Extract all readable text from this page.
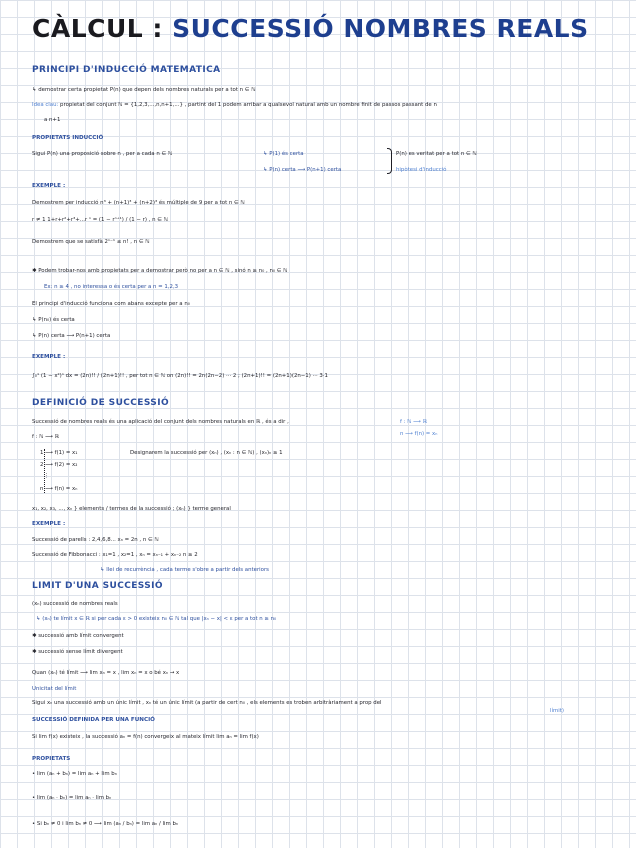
CÀLCUL : SUCCESSIÓ NOMBRES REALS
PRINCIPI D'INDUCCIÓ MATEMATICA
↳ demostrar certa propietat P(n) que depen dels nombres naturals per a tot n ∈ ℕ
Idea clau: propietat del conjunt ℕ = {1,2,3,...,n,n+1,...} , partint del 1 podem arribar a qualsevol natural amb un nombre finit de passos passant de n
a n+1
PROPIETATS INDUCCIÓ
Sigui P(n) una proposició sobre n , per a cada n ∈ ℕ	↳ P(1) és certa	P(n) es veritat per a tot n ∈ ℕ
↳ P(n) certa ⟶ P(n+1) certa	hipòtesi d'inducció
EXEMPLE :
Demostrem per inducció n³ + (n+1)³ + (n+2)³ és múltiple de 9 per a tot n ∈ ℕ
r ≠ 1 1+r+r²+r³+...r ⁿ = (1 − rⁿ⁺¹) / (1 − r) , n ∈ ℕ
Demostrem que se satisfà 2ⁿ⁻¹ ≤ n! , n ∈ ℕ
✱ Podem trobar-nos amb propietats per a demostrar però no per a n ∈ ℕ , sinó n ≥ n₀ , n₀ ∈ ℕ
Ex: n ≥ 4 , no interessa o és certa per a n = 1,2,3
El principi d'inducció funciona com abans excepte per a n₀
↳ P(n₀) és certa
↳ P(n) certa ⟶ P(n+1) certa
EXEMPLE :
∫₀¹ (1 − x²)ⁿ dx = (2n)!! / (2n+1)!! , per tot n ∈ ℕ on (2n)!! = 2n(2n−2) ··· 2 ; (2n+1)!! = (2n+1)(2n−1) ··· 3·1
DEFINICIÓ DE SUCCESSIÓ
Successió de nombres reals és una aplicació del conjunt dels nombres naturals en ℝ , és a dir ,	f : ℕ ⟶ ℝ
f : ℕ ⟶ ℝ	n ⟶ f(n) = xₙ
1 ⟶ f(1) = x₁
2 ⟶ f(2) = x₂
⋮
n ⟶ f(n) = xₙ
Designarem la successió per (xₙ) , (xₙ : n ∈ ℕ) , (xₙ)ₙ ≥ 1
x₁, x₂, x₃, ..., xₙ } elements / termes de la successió ; (xₙ) } terme general
EXEMPLE :
Successió de parells : 2,4,6,8... xₙ = 2n , n ∈ ℕ
Successió de Fibbonacci : x₁=1 , x₂=1 , xₙ = xₙ₋₁ + xₙ₋₂ n ≥ 2
↳ llei de recurrència , cada terme s'obre a partir dels anteriors
LIMIT D'UNA SUCCESSIÓ
(xₙ) successió de nombres reals
↳ (xₙ) te límit x ∈ ℝ si per cada ε > 0 existeix n₀ ∈ ℕ tal que |xₙ − x| < ε per a tot n ≥ n₀
✱ successió amb límit convergent
✱ successió sense límit divergent
Quan (xₙ) té límit ⟶ lim xₙ = x , lim xₙ = x o bé xₙ → x
Unicitat del límit
Sigui xₙ una successió amb un únic límit , xₙ té un únic límit (a partir de cert n₀ , els elements es troben arbitràriament a prop del
límit)
SUCCESSIÓ DEFINIDA PER UNA FUNCIÓ
Si lim f(x) existeix , la successió aₙ = f(n) convergeix al mateix límit lim aₙ = lim f(x)
PROPIETATS
• lim (aₙ + bₙ) = lim aₙ + lim bₙ
• lim (aₙ · bₙ) = lim aₙ · lim bₙ
• Si bₙ ≠ 0 i lim bₙ ≠ 0 ⟶ lim (aₙ / bₙ) = lim aₙ / lim bₙ
